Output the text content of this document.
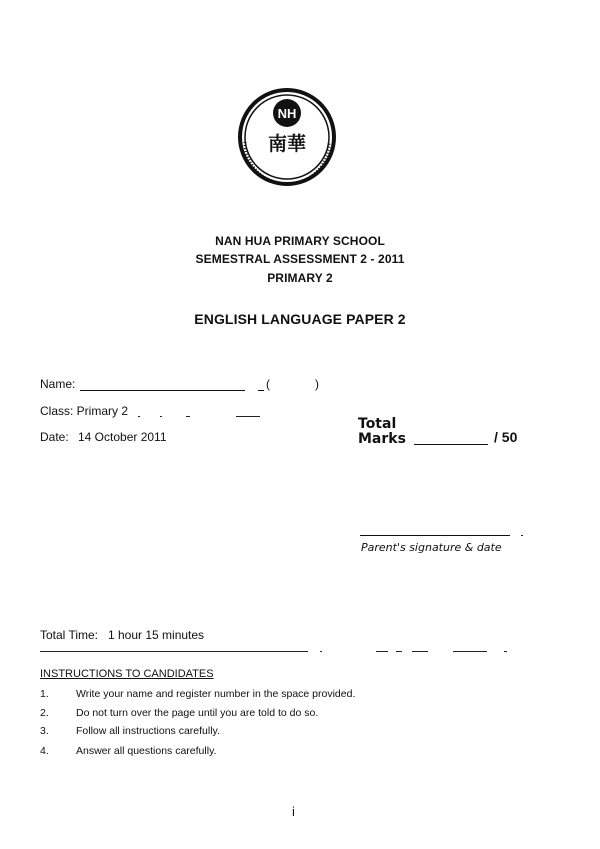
NH
南華
NAN HUA PRIMARY SCHOOL
SEMESTRAL ASSESSMENT 2 - 2011
PRIMARY 2
ENGLISH LANGUAGE PAPER 2
Name:	(	)
Class: Primary 2
Date: 14 October 2011
Total
Marks	/ 50
Parent's signature & date
Total Time: 1 hour 15 minutes
INSTRUCTIONS TO CANDIDATES
1.	Write your name and register number in the space provided.
2.	Do not turn over the page until you are told to do so.
3.	Follow all instructions carefully.
4.	Answer all questions carefully.
i
